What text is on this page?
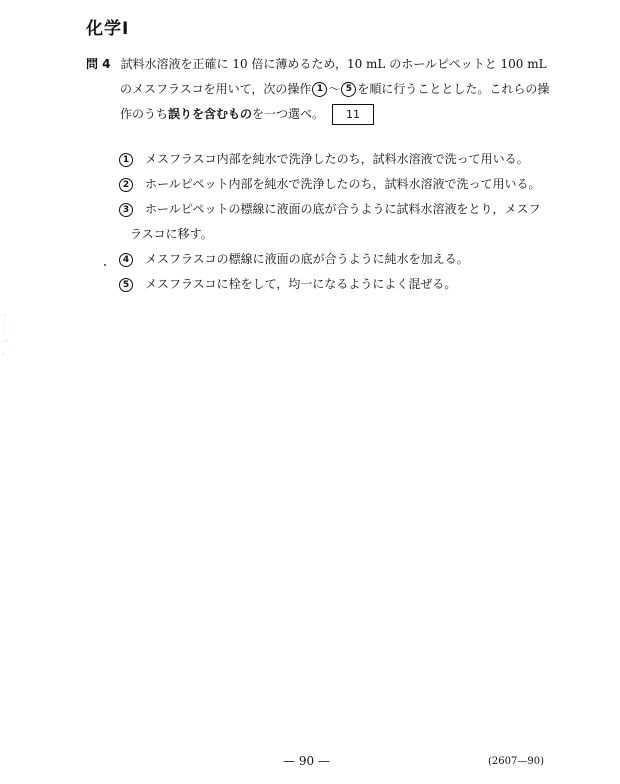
化学Ⅰ
問 4 試料水溶液を正確に 10 倍に薄めるため，10 mL のホールピペットと 100 mL
のメスフラスコを用いて，次の操作 1 〜 5 を順に行うこととした。これらの操
作のうち誤りを含むものを一つ選べ。 11
1 メスフラスコ内部を純水で洗浄したのち，試料水溶液で洗って用いる。
2 ホールピペット内部を純水で洗浄したのち，試料水溶液で洗って用いる。
3 ホールピペットの標線に液面の底が合うように試料水溶液をとり，メスフ
ラスコに移す。
4 メスフラスコの標線に液面の底が合うように純水を加える。
5 メスフラスコに栓をして，均一になるようによく混ぜる。
— 90 —	(2607—90)
